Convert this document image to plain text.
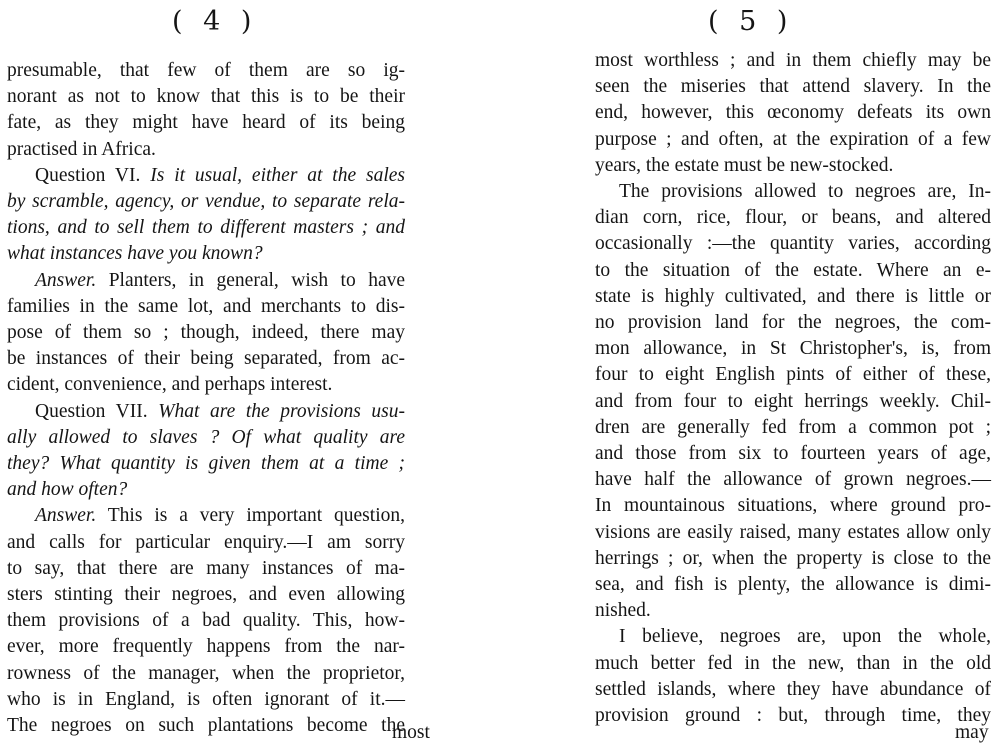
( 4 )
presumable, that few of them are so ig-
norant as not to know that this is to be their
fate, as they might have heard of its being
practised in Africa.
Question VI. Is it usual, either at the sales
by scramble, agency, or vendue, to separate rela-
tions, and to sell them to different masters ; and
what instances have you known?
Answer. Planters, in general, wish to have
families in the same lot, and merchants to dis-
pose of them so ; though, indeed, there may
be instances of their being separated, from ac-
cident, convenience, and perhaps interest.
Question VII. What are the provisions usu-
ally allowed to slaves ? Of what quality are
they? What quantity is given them at a time ;
and how often?
Answer. This is a very important question,
and calls for particular enquiry.—I am sorry
to say, that there are many instances of ma-
sters stinting their negroes, and even allowing
them provisions of a bad quality. This, how-
ever, more frequently happens from the nar-
rowness of the manager, when the proprietor,
who is in England, is often ignorant of it.—
The negroes on such plantations become the
most
( 5 )
most worthless ; and in them chiefly may be
seen the miseries that attend slavery. In the
end, however, this œconomy defeats its own
purpose ; and often, at the expiration of a few
years, the estate must be new-stocked.
The provisions allowed to negroes are, In-
dian corn, rice, flour, or beans, and altered
occasionally :—the quantity varies, according
to the situation of the estate. Where an e-
state is highly cultivated, and there is little or
no provision land for the negroes, the com-
mon allowance, in St Christopher's, is, from
four to eight English pints of either of these,
and from four to eight herrings weekly. Chil-
dren are generally fed from a common pot ;
and those from six to fourteen years of age,
have half the allowance of grown negroes.—
In mountainous situations, where ground pro-
visions are easily raised, many estates allow only
herrings ; or, when the property is close to the
sea, and fish is plenty, the allowance is dimi-
nished.
I believe, negroes are, upon the whole,
much better fed in the new, than in the old
settled islands, where they have abundance of
provision ground : but, through time, they
may
